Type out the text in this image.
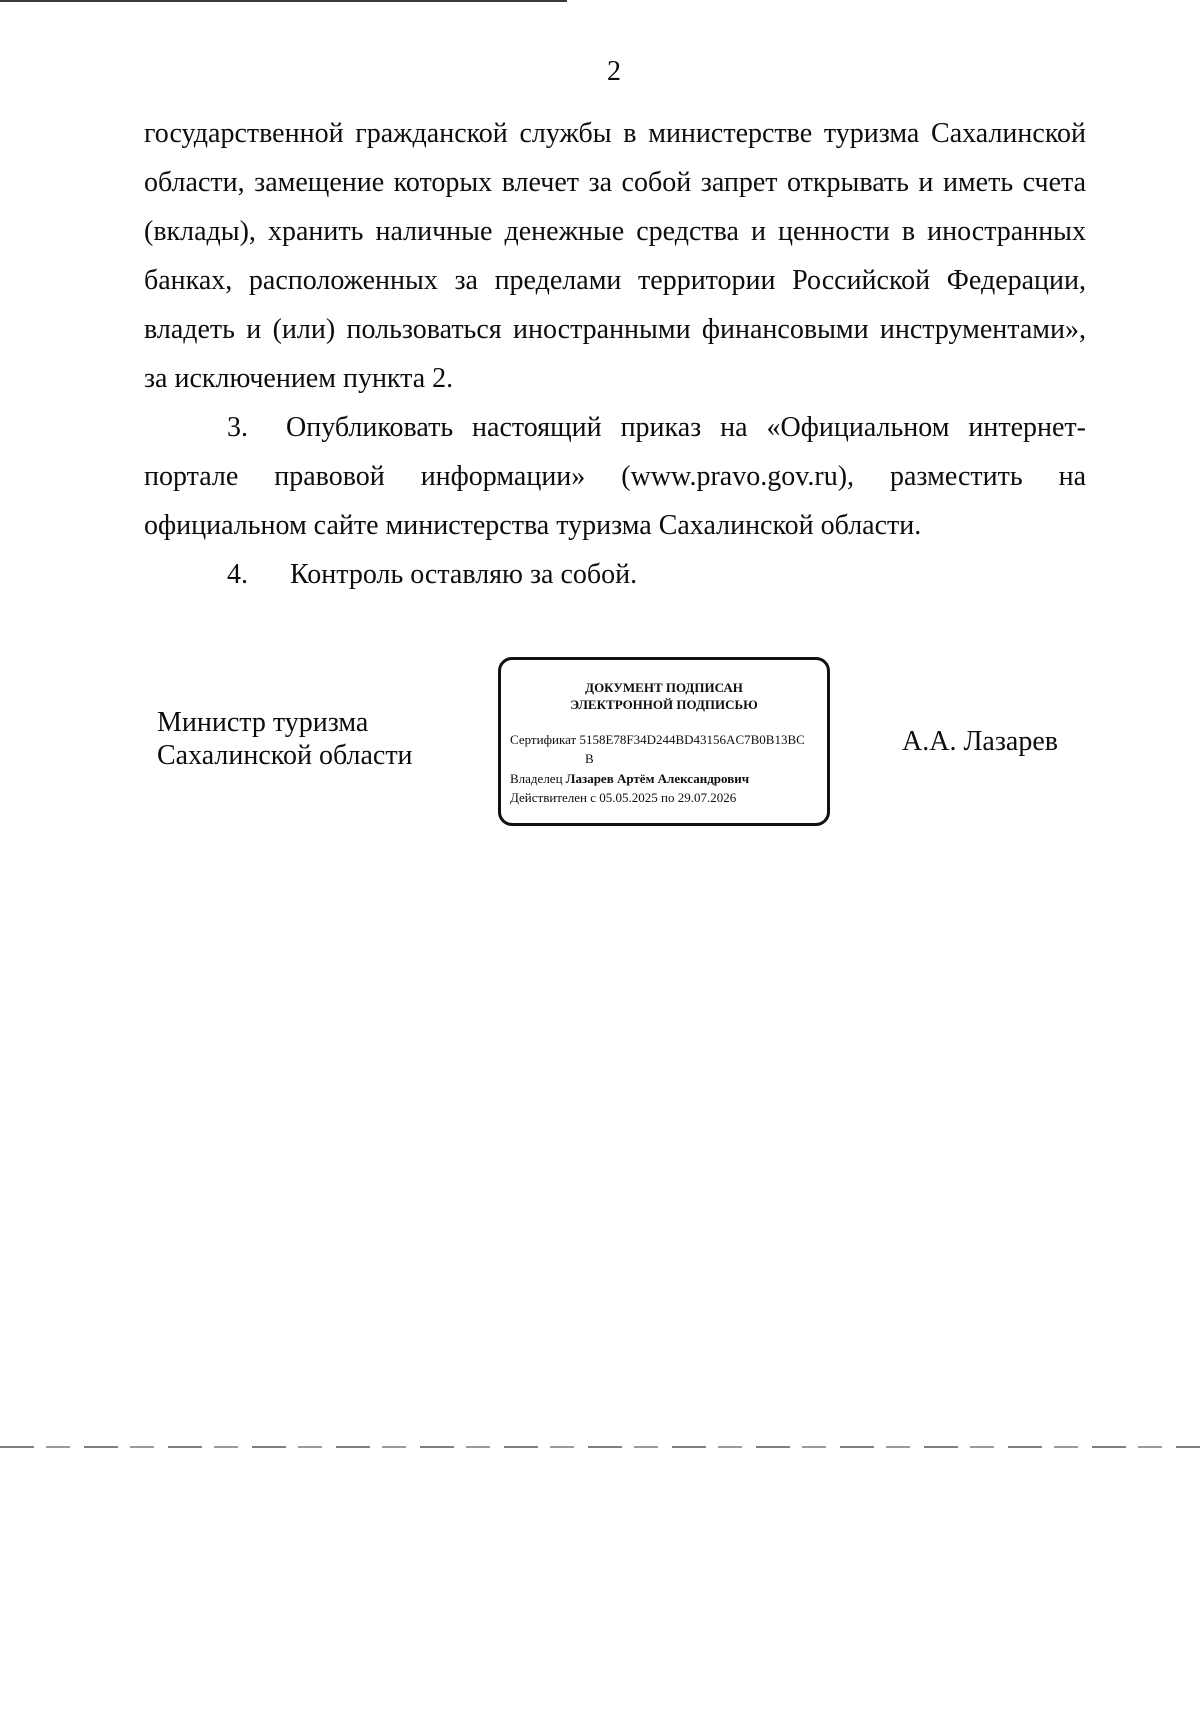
2
государственной гражданской службы в министерстве туризма Сахалинской
области, замещение которых влечет за собой запрет открывать и иметь счета
(вклады), хранить наличные денежные средства и ценности в иностранных
банках, расположенных за пределами территории Российской Федерации,
владеть и (или) пользоваться иностранными финансовыми инструментами»,
за исключением пункта 2.
3. Опубликовать настоящий приказ на «Официальном интернет-
портале правовой информации» (www.pravo.gov.ru), разместить на
официальном сайте министерства туризма Сахалинской области.
4. Контроль оставляю за собой.
Министр туризма
Сахалинской области
ДОКУМЕНТ ПОДПИСАН
ЭЛЕКТРОННОЙ ПОДПИСЬЮ
Сертификат 5158E78F34D244BD43156AC7B0B13BC
B
Владелец Лазарев Артём Александрович
Действителен с 05.05.2025 по 29.07.2026
А.А. Лазарев
